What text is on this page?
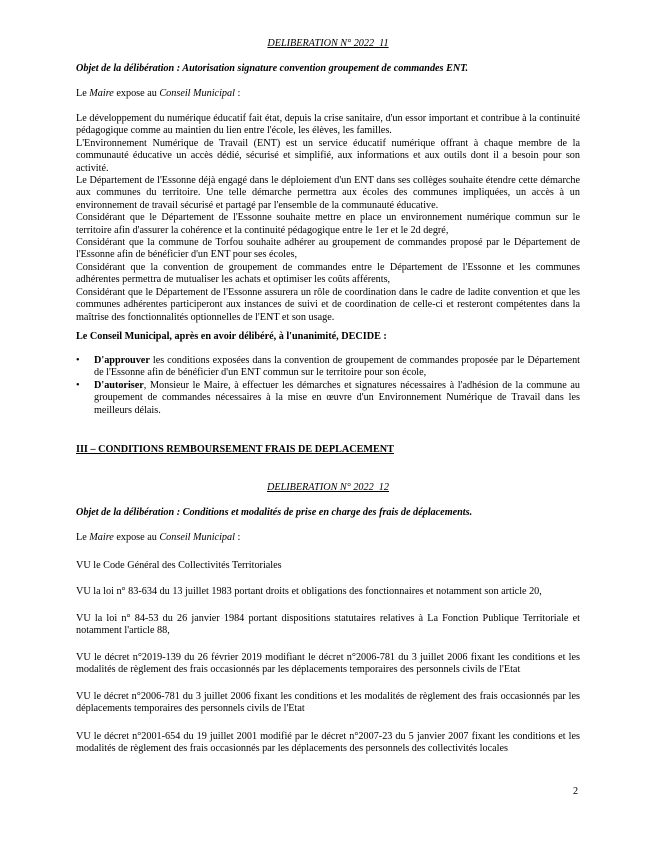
DELIBERATION N° 2022_11
Objet de la délibération : Autorisation signature convention groupement de commandes ENT.
Le Maire expose au Conseil Municipal :

Le développement du numérique éducatif fait état, depuis la crise sanitaire, d'un essor important et contribue à la continuité pédagogique comme au maintien du lien entre l'école, les élèves, les familles.

L'Environnement Numérique de Travail (ENT) est un service éducatif numérique offrant à chaque membre de la communauté éducative un accès dédié, sécurisé et simplifié, aux informations et aux outils dont il a besoin pour son activité.

Le Département de l'Essonne déjà engagé dans le déploiement d'un ENT dans ses collèges souhaite étendre cette démarche aux communes du territoire. Une telle démarche permettra aux écoles des communes impliquées, un accès à un environnement de travail sécurisé et partagé par l'ensemble de la communauté éducative.

Considérant que le Département de l'Essonne souhaite mettre en place un environnement numérique commun sur le territoire afin d'assurer la cohérence et la continuité pédagogique entre le 1er et le 2d degré,

Considérant que la commune de Torfou souhaite adhérer au groupement de commandes proposé par le Département de l'Essonne afin de bénéficier d'un ENT pour ses écoles,

Considérant que la convention de groupement de commandes entre le Département de l'Essonne et les communes adhérentes permettra de mutualiser les achats et optimiser les coûts afférents,

Considérant que le Département de l'Essonne assurera un rôle de coordination dans le cadre de ladite convention et que les communes adhérentes participeront aux instances de suivi et de coordination de celle-ci et resteront compétentes dans la maîtrise des fonctionnalités optionnelles de l'ENT et son usage.

Le Conseil Municipal, après en avoir délibéré, à l'unanimité, DECIDE :
•	D'approuver les conditions exposées dans la convention de groupement de commandes proposée par le Département de l'Essonne afin de bénéficier d'un ENT commun sur le territoire pour son école,
•	D'autoriser, Monsieur le Maire, à effectuer les démarches et signatures nécessaires à l'adhésion de la commune au groupement de commandes nécessaires à la mise en œuvre d'un Environnement Numérique de Travail dans les meilleurs délais.
III – CONDITIONS REMBOURSEMENT FRAIS DE DEPLACEMENT
DELIBERATION N° 2022_12
Objet de la délibération : Conditions et modalités de prise en charge des frais de déplacements.
Le Maire expose au Conseil Municipal :
VU le Code Général des Collectivités Territoriales
VU la loi n° 83-634 du 13 juillet 1983 portant droits et obligations des fonctionnaires et notamment son article 20,
VU la loi n° 84-53 du 26 janvier 1984 portant dispositions statutaires relatives à La Fonction Publique Territoriale et notamment l'article 88,
VU le décret n°2019-139 du 26 février 2019 modifiant le décret n°2006-781 du 3 juillet 2006 fixant les conditions et les modalités de règlement des frais occasionnés par les déplacements temporaires des personnels civils de l'Etat
VU le décret n°2006-781 du 3 juillet 2006 fixant les conditions et les modalités de règlement des frais occasionnés par les déplacements temporaires des personnels civils de l'Etat
VU le décret n°2001-654 du 19 juillet 2001 modifié par le décret n°2007-23 du 5 janvier 2007 fixant les conditions et les modalités de règlement des frais occasionnés par les déplacements des personnels des collectivités locales
2
